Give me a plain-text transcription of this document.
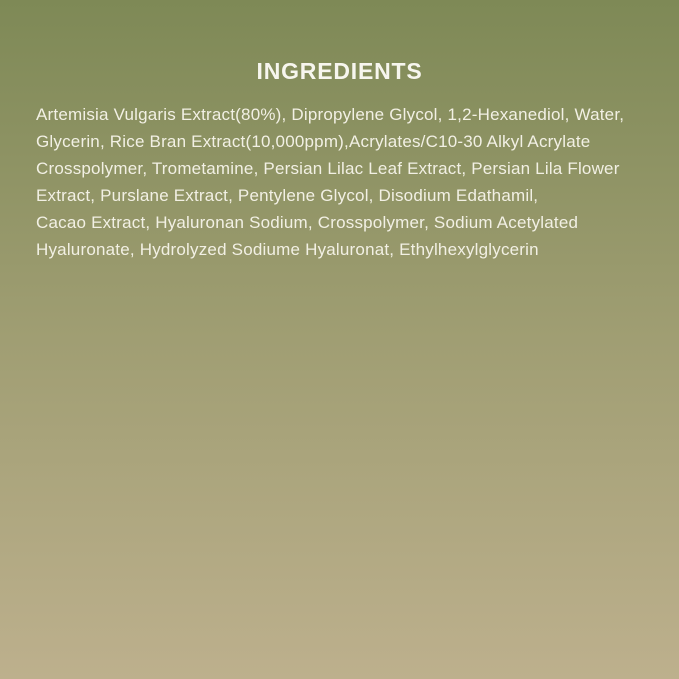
INGREDIENTS
Artemisia Vulgaris Extract(80%), Dipropylene Glycol, 1,2-Hexanediol, Water,
Glycerin, Rice Bran Extract(10,000ppm),Acrylates/C10-30 Alkyl Acrylate
Crosspolymer, Trometamine, Persian Lilac Leaf Extract, Persian Lila Flower
Extract, Purslane Extract, Pentylene Glycol, Disodium Edathamil,
Cacao Extract, Hyaluronan Sodium, Crosspolymer, Sodium Acetylated
Hyaluronate, Hydrolyzed Sodiume Hyaluronat, Ethylhexylglycerin
